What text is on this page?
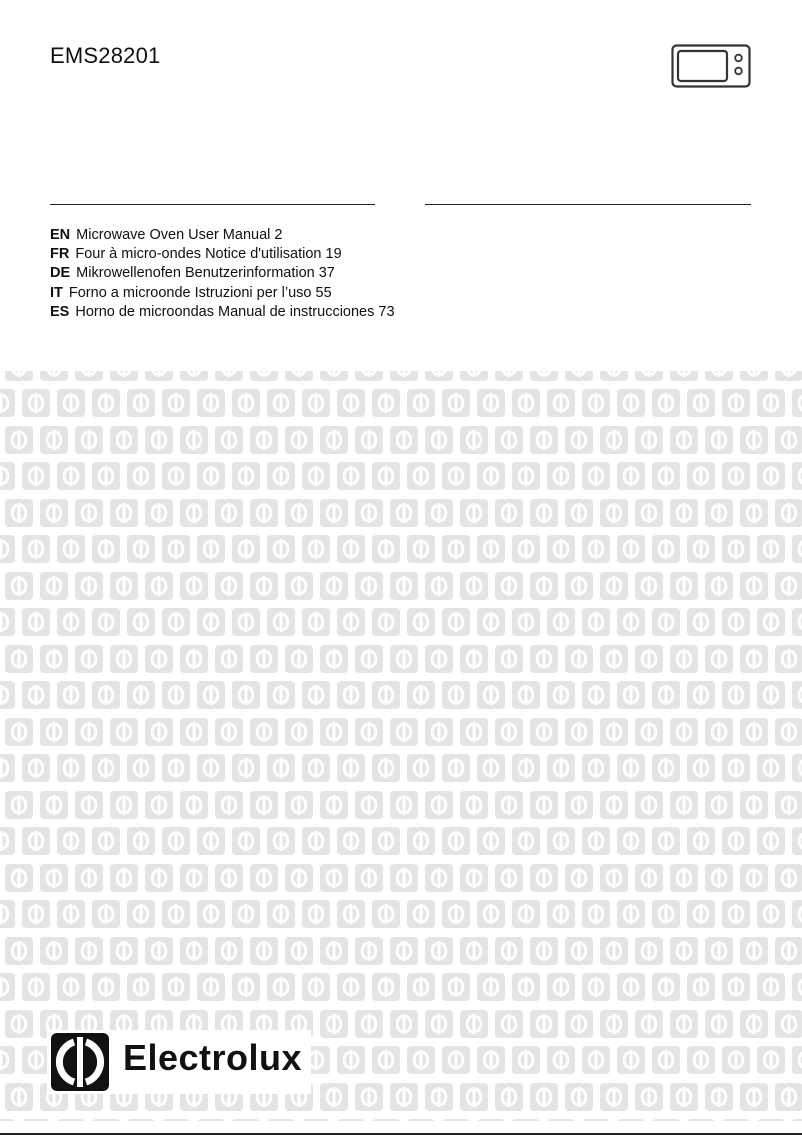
EMS28201
EN Microwave Oven User Manual 2
FR Four à micro-ondes Notice d'utilisation 19
DE Mikrowellenofen Benutzerinformation 37
IT Forno a microonde Istruzioni per l’uso 55
ES Horno de microondas Manual de instrucciones 73
Electrolux
